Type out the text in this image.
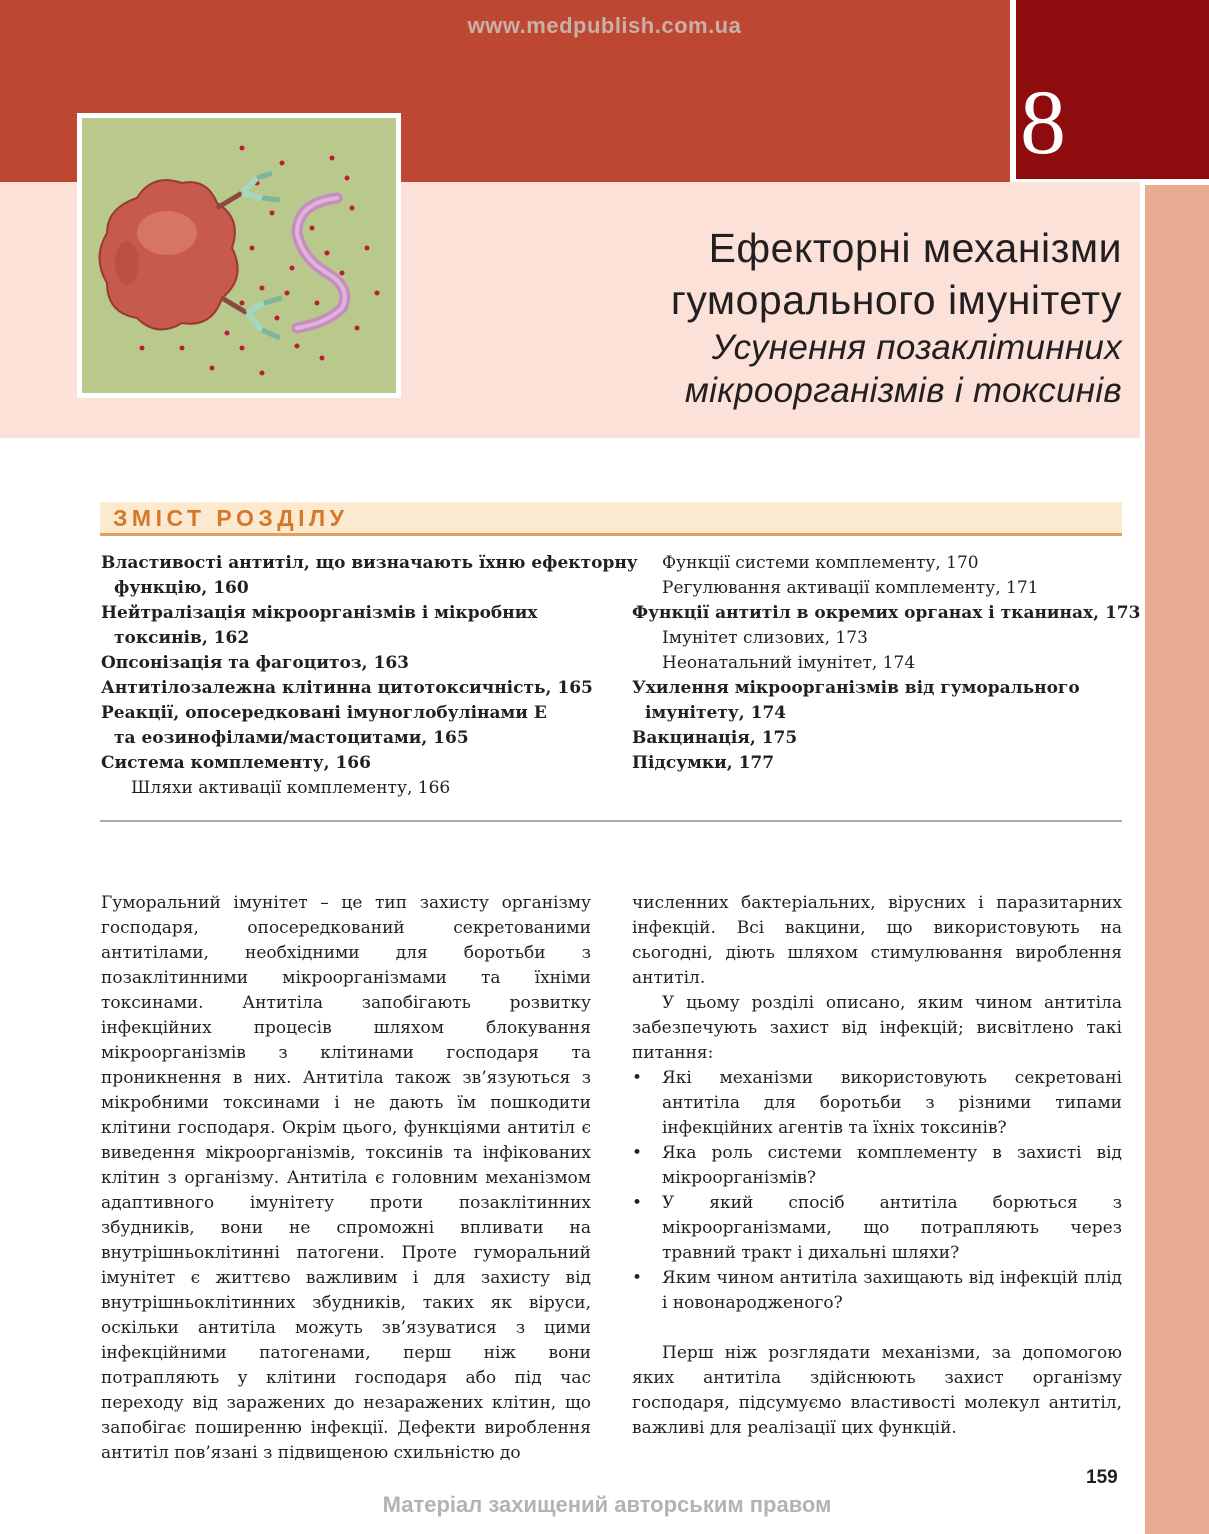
www.medpublish.com.ua
8
Ефекторні механізми
гуморального імунітету
Усунення позаклітинних
мікроорганізмів і токсинів
ЗМІСТ РОЗДІЛУ
Властивості антитіл, що визначають їхню ефекторну
функцію, 160
Нейтралізація мікроорганізмів і мікробних
токсинів, 162
Опсонізація та фагоцитоз, 163
Антитілозалежна клітинна цитотоксичність, 165
Реакції, опосередковані імуноглобулінами E
та еозинофілами/мастоцитами, 165
Система комплементу, 166
Шляхи активації комплементу, 166
Функції системи комплементу, 170
Регулювання активації комплементу, 171
Функції антитіл в окремих органах і тканинах, 173
Імунітет слизових, 173
Неонатальний імунітет, 174
Ухилення мікроорганізмів від гуморального
імунітету, 174
Вакцинація, 175
Підсумки, 177

Гуморальний імунітет – це тип захисту організму господаря, опосередкований секретованими антитілами, необхідними для боротьби з позаклітинними мікроорганізмами та їхніми токсинами. Антитіла запобігають розвитку інфекційних процесів шляхом блокування мікроорганізмів з клітинами господаря та проникнення в них. Антитіла також зв’язуються з мікробними токсинами і не дають їм пошкодити клітини господаря. Окрім цього, функціями антитіл є виведення мікроорганізмів, токсинів та інфікованих клітин з організму. Антитіла є головним механізмом адаптивного імунітету проти позаклітинних збудників, вони не спроможні впливати на внутрішньоклітинні патогени. Проте гуморальний імунітет є життєво важливим і для захисту від внутрішньоклітинних збудників, таких як віруси, оскільки антитіла можуть зв’язуватися з цими інфекційними патогенами, перш ніж вони потрапляють у клітини господаря або під час переходу від заражених до незаражених клітин, що запобігає поширенню інфекції. Дефекти вироблення антитіл пов’язані з підвищеною схильністю до

численних бактеріальних, вірусних і паразитарних інфекцій. Всі вакцини, що використовують на сьогодні, діють шляхом стимулювання вироблення антитіл.

У цьому розділі описано, яким чином антитіла забезпечують захист від інфекцій; висвітлено такі питання:

•	Які механізми використовують секретовані антитіла для боротьби з різними типами інфекційних агентів та їхніх токсинів?
•	Яка роль системи комплементу в захисті від мікроорганізмів?
•	У який спосіб антитіла борються з мікроорганізмами, що потрапляють через травний тракт і дихальні шляхи?
•	Яким чином антитіла захищають від інфекцій плід і новонародженого?

Перш ніж розглядати механізми, за допомогою яких антитіла здійснюють захист організму господаря, підсумуємо властивості молекул антитіл, важливі для реалізації цих функцій.

159
Матеріал захищений авторським правом
